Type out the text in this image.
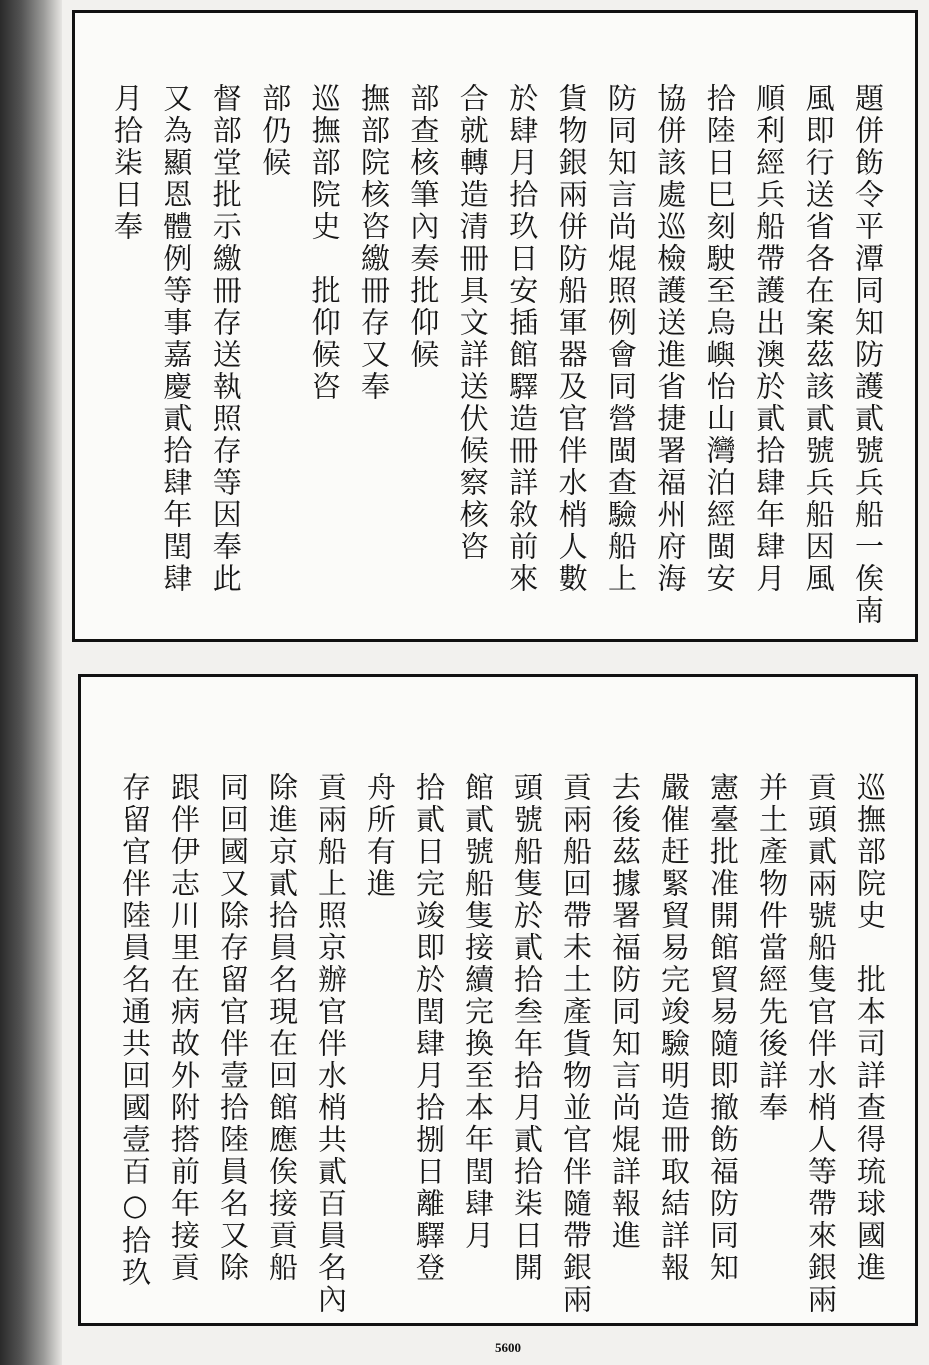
題併飭令平潭同知防護貳號兵船一俟南
風即行送省各在案茲該貳號兵船因風
順利經兵船帶護出澳於貳拾肆年肆月
拾陸日巳刻駛至烏嶼怡山灣泊經閩安
協併該處巡檢護送進省捷署福州府海
防同知言尚焜照例會同營閩查驗船上
貨物銀兩併防船軍器及官伴水梢人數
於肆月拾玖日安插館驛造冊詳敘前來
合就轉造清冊具文詳送伏候察核咨
部查核筆內奏批仰候
撫部院核咨繳冊存又奉
巡撫部院史　批仰候咨
部仍候
督部堂批示繳冊存送執照存等因奉此
又為顯恩體例等事嘉慶貳拾肆年閏肆
月拾柒日奉
巡撫部院史　批本司詳查得琉球國進
貢頭貳兩號船隻官伴水梢人等帶來銀兩
并土產物件當經先後詳奉
憲臺批准開館貿易隨即撤飭福防同知
嚴催赶緊貿易完竣驗明造冊取結詳報
去後茲據署福防同知言尚焜詳報進
貢兩船回帶未土產貨物並官伴隨帶銀兩
頭號船隻於貳拾叁年拾月貳拾柒日開
館貳號船隻接續完換至本年閏肆月
拾貳日完竣即於閏肆月拾捌日離驛登
舟所有進
貢兩船上照京辦官伴水梢共貳百員名內
除進京貳拾員名現在回館應俟接貢船
同回國又除存留官伴壹拾陸員名又除
跟伴伊志川里在病故外附搭前年接貢
存留官伴陸員名通共回國壹百○拾玖
5600
